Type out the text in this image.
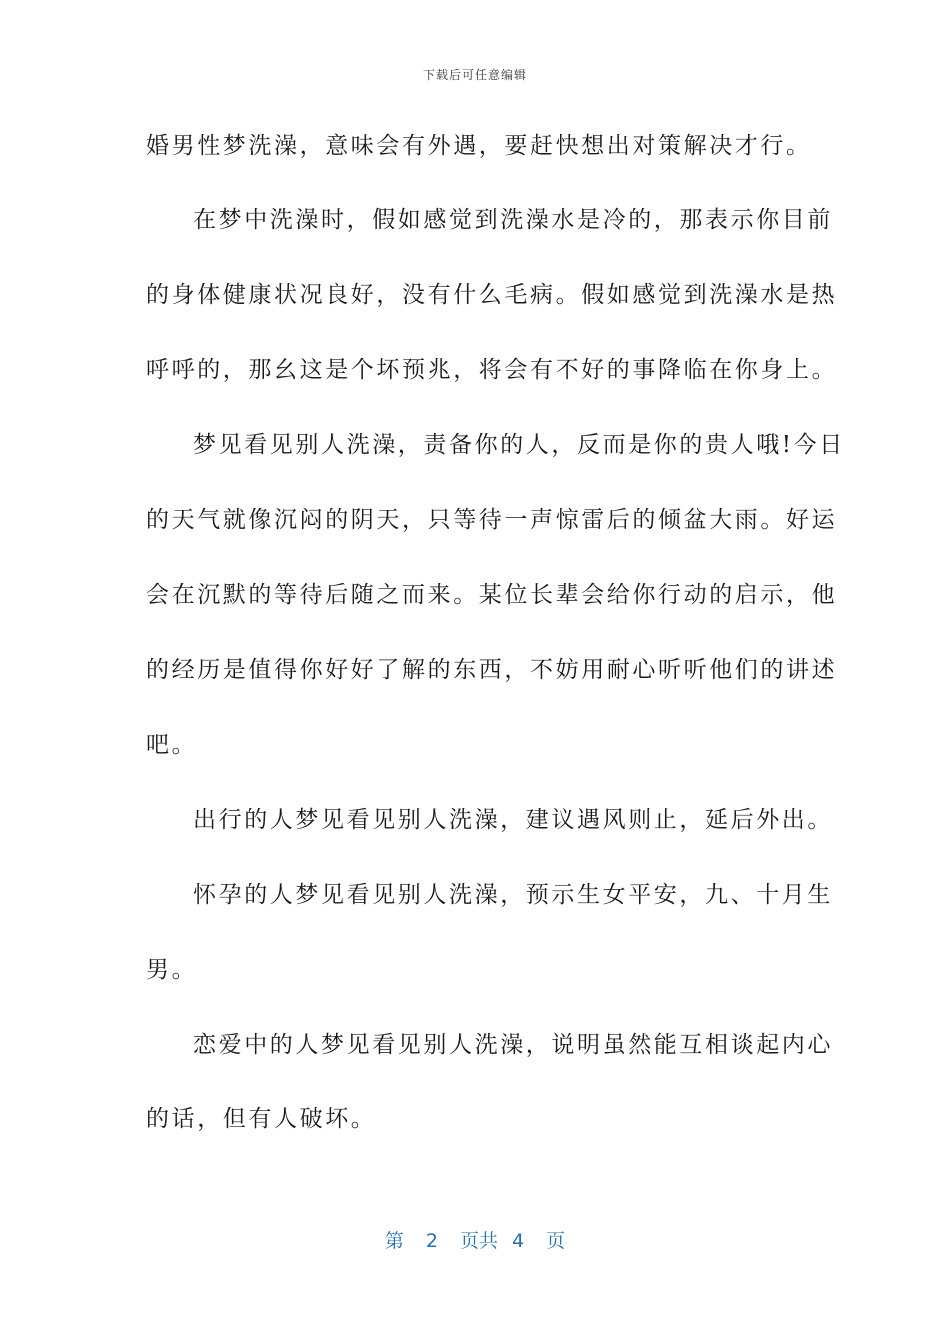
下载后可任意编辑
婚男性梦洗澡，意味会有外遇，要赶快想出对策解决才行。
在梦中洗澡时，假如感觉到洗澡水是冷的，那表示你目前
的身体健康状况良好，没有什么毛病。假如感觉到洗澡水是热
呼呼的，那幺这是个坏预兆，将会有不好的事降临在你身上。
梦见看见别人洗澡，责备你的人，反而是你的贵人哦!今日
的天气就像沉闷的阴天，只等待一声惊雷后的倾盆大雨。好运
会在沉默的等待后随之而来。某位长辈会给你行动的启示，他
的经历是值得你好好了解的东西，不妨用耐心听听他们的讲述
吧。
出行的人梦见看见别人洗澡，建议遇风则止，延后外出。
怀孕的人梦见看见别人洗澡，预示生女平安，九、十月生
男。
恋爱中的人梦见看见别人洗澡，说明虽然能互相谈起内心
的话，但有人破坏。
第 2 页共 4 页
